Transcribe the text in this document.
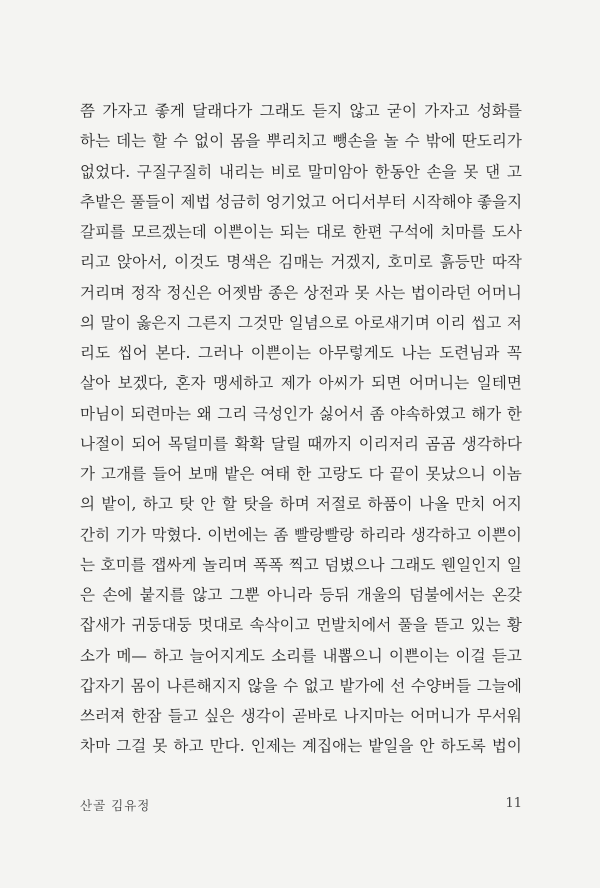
쯤 가자고 좋게 달래다가 그래도 듣지 않고 굳이 가자고 성화를
하는 데는 할 수 없이 몸을 뿌리치고 뺑손을 놀 수 밖에 딴도리가
없었다. 구질구질히 내리는 비로 말미암아 한동안 손을 못 댄 고
추밭은 풀들이 제법 성금히 엉기었고 어디서부터 시작해야 좋을지
갈피를 모르겠는데 이쁜이는 되는 대로 한편 구석에 치마를 도사
리고 앉아서, 이것도 명색은 김매는 거겠지, 호미로 흙등만 따작
거리며 정작 정신은 어젯밤 종은 상전과 못 사는 법이라던 어머니
의 말이 옳은지 그른지 그것만 일념으로 아로새기며 이리 씹고 저
리도 씹어 본다. 그러나 이쁜이는 아무렇게도 나는 도련님과 꼭
살아 보겠다, 혼자 맹세하고 제가 아씨가 되면 어머니는 일테면
마님이 되련마는 왜 그리 극성인가 싫어서 좀 야속하였고 해가 한
나절이 되어 목덜미를 확확 달릴 때까지 이리저리 곰곰 생각하다
가 고개를 들어 보매 밭은 여태 한 고랑도 다 끝이 못났으니 이놈
의 밭이, 하고 탓 안 할 탓을 하며 저절로 하품이 나올 만치 어지
간히 기가 막혔다. 이번에는 좀 빨랑빨랑 하리라 생각하고 이쁜이
는 호미를 잽싸게 놀리며 폭폭 찍고 덤볐으나 그래도 웬일인지 일
은 손에 붙지를 않고 그뿐 아니라 등뒤 개울의 덤불에서는 온갖
잡새가 귀둥대둥 멋대로 속삭이고 먼발치에서 풀을 뜯고 있는 황
소가 메— 하고 늘어지게도 소리를 내뽑으니 이쁜이는 이걸 듣고
갑자기 몸이 나른해지지 않을 수 없고 밭가에 선 수양버들 그늘에
쓰러져 한잠 들고 싶은 생각이 곧바로 나지마는 어머니가 무서워
차마 그걸 못 하고 만다. 인제는 계집애는 밭일을 안 하도록 법이
산골 김유정	11
